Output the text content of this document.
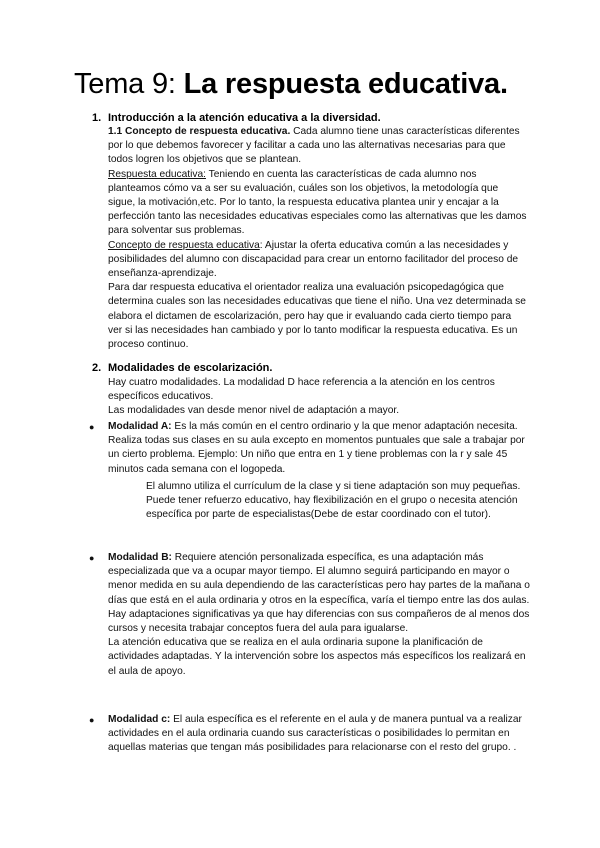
Tema 9: La respuesta educativa.
1. Introducción a la atención educativa a la diversidad.

1.1 Concepto de respuesta educativa. Cada alumno tiene unas características diferentes por lo que debemos favorecer y facilitar a cada uno las alternativas necesarias para que todos logren los objetivos que se plantean.

Respuesta educativa: Teniendo en cuenta las características de cada alumno nos planteamos cómo va a ser su evaluación, cuáles son los objetivos, la metodología que sigue, la motivación,etc. Por lo tanto, la respuesta educativa plantea unir y encajar a la perfección tanto las necesidades educativas especiales como las alternativas que les damos para solventar sus problemas.

Concepto de respuesta educativa: Ajustar la oferta educativa común a las necesidades y posibilidades del alumno con discapacidad para crear un entorno facilitador del proceso de enseñanza-aprendizaje.

Para dar respuesta educativa el orientador realiza una evaluación psicopedagógica que determina cuales son las necesidades educativas que tiene el niño. Una vez determinada se elabora el dictamen de escolarización, pero hay que ir evaluando cada cierto tiempo para ver si las necesidades han cambiado y por lo tanto modificar la respuesta educativa. Es un proceso continuo.

2. Modalidades de escolarización.

Hay cuatro modalidades. La modalidad D hace referencia a la atención en los centros específicos educativos.

Las modalidades van desde menor nivel de adaptación a mayor.

● Modalidad A: Es la más común en el centro ordinario y la que menor adaptación necesita. Realiza todas sus clases en su aula excepto en momentos puntuales que sale a trabajar por un cierto problema. Ejemplo: Un niño que entra en 1 y tiene problemas con la r y sale 45 minutos cada semana con el logopeda.

El alumno utiliza el currículum de la clase y si tiene adaptación son muy pequeñas.

Puede tener refuerzo educativo, hay flexibilización en el grupo o necesita atención específica por parte de especialistas(Debe de estar coordinado con el tutor).

● Modalidad B: Requiere atención personalizada específica, es una adaptación más especializada que va a ocupar mayor tiempo. El alumno seguirá participando en mayor o menor medida en su aula dependiendo de las características pero hay partes de la mañana o días que está en el aula ordinaria y otros en la específica, varía el tiempo entre las dos aulas.

Hay adaptaciones significativas ya que hay diferencias con sus compañeros de al menos dos cursos y necesita trabajar conceptos fuera del aula para igualarse.

La atención educativa que se realiza en el aula ordinaria supone la planificación de actividades adaptadas. Y la intervención sobre los aspectos más específicos los realizará en el aula de apoyo.

● Modalidad c: El aula específica es el referente en el aula y de manera puntual va a realizar actividades en el aula ordinaria cuando sus características o posibilidades lo permitan en aquellas materias que tengan más posibilidades para relacionarse con el resto del grupo. .
